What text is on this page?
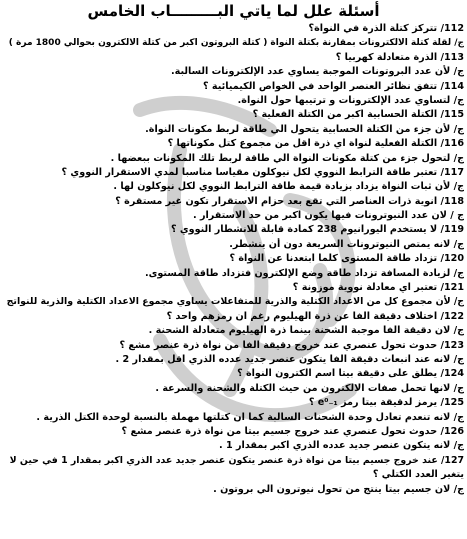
أسئلة علل لما ياتي البـــــــــاب الخامس
112/ تتركز كتلة الذرة في النواة؟
ج/ لقلة كتلة الالكترونات بمقارنة بكتلة النواة ( كتلة البروتون اكبر من كتلة الالكترون بحوالي 1800 مرة )
113/ الذرة متعادلة كهربيا ؟
ج/ لأن عدد البروتونات الموجبة يساوي عدد الإلكترونات السالبة.
114/ تتفق نظائر العنصر الواحد في الخواص الكيميائية ؟
ج/ لتساوي عدد الإلكترونات و ترتيبها حول النواة.
115/ الكتلة الحسابية اكبر من الكتلة الفعلية ؟
ج/ لأن جزء من الكتلة الحسابية يتحول الي طاقة لربط مكونات النواة.
116/ الكتلة الفعلية لنواة اي ذرة اقل من مجموع كتل مكوناتها ؟
ج/ لتحول جزء من كتلة مكونات النواة الي طاقة لربط تلك المكونات ببعضها .
117/ تعتبر طاقة الترابط النووي لكل نيوكلون مقياسا مناسبا لمدي الاستقرار النووي ؟
ج/ لأن ثبات النواة يزداد بزيادة قيمة طاقة الترابط النووي لكل نيوكلون لها .
118/ انوية ذرات العناصر التي تقع بعد حزام الاستقرار تكون غير مستقرة ؟
ج / لان عدد النيوترونات فيها يكون اكبر من حد الاستقرار .
119/ لا يستخدم اليورانيوم 238 كمادة قابلة للانشطار النووي ؟
ج/ لانه يمتص النيوترونات السريعة دون أن ينشطر.
120/ تزداد طاقة المستوى كلما ابتعدنا عن النواة ؟
ج/ لزيادة المسافة تزداد طاقة وضع الإلكترون فتزداد طاقة المستوى.
121/ تعتبر اي معادلة نووية موزونة ؟
ج/ لأن مجموع كل من الاعداد الكتلية والذرية للمتفاعلات يساوي مجموع الاعداد الكتلية والذرية للنواتج
122/ اختلاف دقيقة الفا عن ذرة الهيليوم رغم ان رمزهم واحد ؟
ج/ لان دقيقة الفا موجبة الشحنة بينما ذرة الهيليوم متعادلة الشحنة .
123/ حدوث تحول عنصري عند خروج دقيقة الفا من نواة ذرة عنصر مشع ؟
ج/ لانه عند انبعاث دقيقة الفا يتكون عنصر جديد عدده الذري اقل بمقدار 2 .
124/ يطلق على دقيقة بيتا اسم الكترون النواة ؟
ج/ لانها تحمل صفات الالكترون من حيث الكتلة والشحنة والسرعة .
125/ يرمز لدقيقة بيتا رمز e⁰₋₁ ؟
ج/ لانه تنعدم تعادل وحدة الشحنات السالبة كما ان كتلتها مهملة بالنسبة لوحدة الكتل الذرية .
126/ حدوث تحول عنصري عند خروج جسيم بيتا من نواة ذرة عنصر مشع ؟
ج/ لانه يتكون عنصر جديد عدده الذري اكبر بمقدار 1 .
127/ عند خروج جسيم بيتا من نواة ذرة عنصر يتكون عنصر جديد عدد الذري اكبر بمقدار 1 في حين لا
يتغير العدد الكتلي ؟
ج/ لان جسيم بيتا ينتج من تحول نيوترون الي بروتون .
